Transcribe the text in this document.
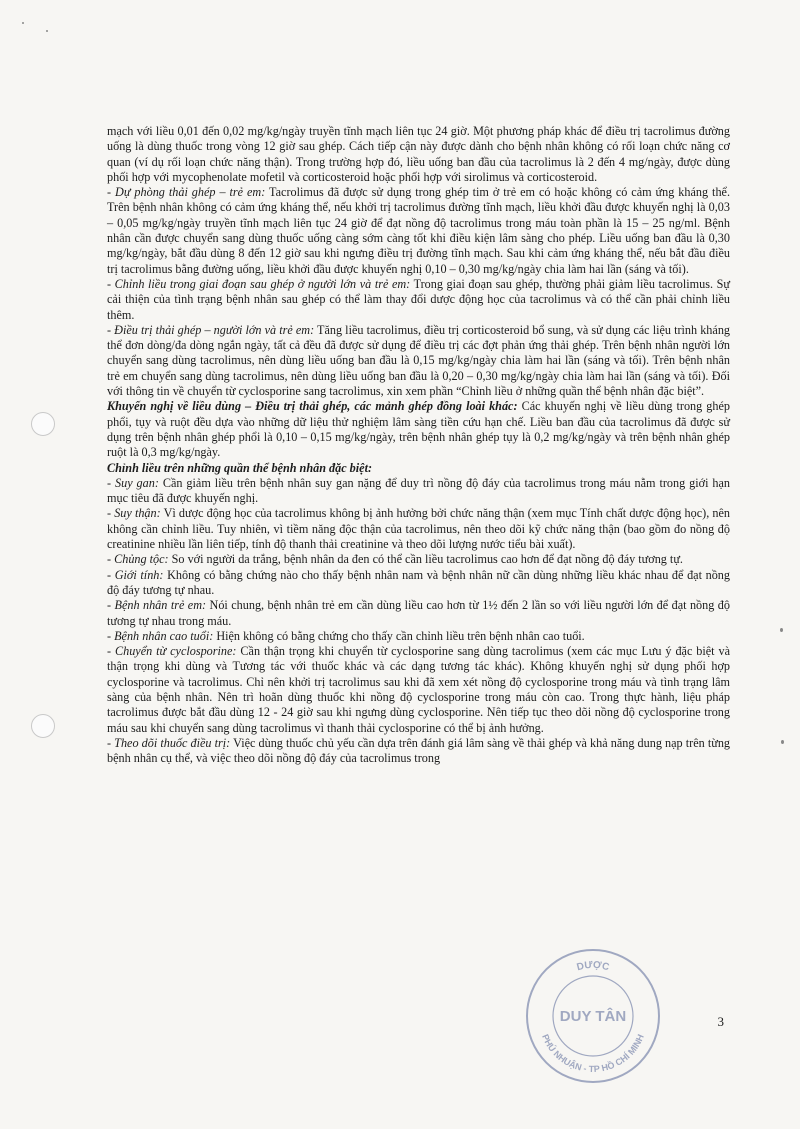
mạch với liều 0,01 đến 0,02 mg/kg/ngày truyền tĩnh mạch liên tục 24 giờ. Một phương pháp khác để điều trị tacrolimus đường uống là dùng thuốc trong vòng 12 giờ sau ghép. Cách tiếp cận này được dành cho bệnh nhân không có rối loạn chức năng cơ quan (ví dụ rối loạn chức năng thận). Trong trường hợp đó, liều uống ban đầu của tacrolimus là 2 đến 4 mg/ngày, được dùng phối hợp với mycophenolate mofetil và corticosteroid hoặc phối hợp với sirolimus và corticosteroid.

- Dự phòng thải ghép – trẻ em: Tacrolimus đã được sử dụng trong ghép tim ở trẻ em có hoặc không có cảm ứng kháng thể. Trên bệnh nhân không có cảm ứng kháng thể, nếu khởi trị tacrolimus đường tĩnh mạch, liều khởi đầu được khuyến nghị là 0,03 – 0,05 mg/kg/ngày truyền tĩnh mạch liên tục 24 giờ để đạt nồng độ tacrolimus trong máu toàn phần là 15 – 25 ng/ml. Bệnh nhân cần được chuyển sang dùng thuốc uống càng sớm càng tốt khi điều kiện lâm sàng cho phép. Liều uống ban đầu là 0,30 mg/kg/ngày, bắt đầu dùng 8 đến 12 giờ sau khi ngưng điều trị đường tĩnh mạch. Sau khi cảm ứng kháng thể, nếu bắt đầu điều trị tacrolimus bằng đường uống, liều khởi đầu được khuyến nghị 0,10 – 0,30 mg/kg/ngày chia làm hai lần (sáng và tối).

- Chỉnh liều trong giai đoạn sau ghép ở người lớn và trẻ em: Trong giai đoạn sau ghép, thường phải giảm liều tacrolimus. Sự cải thiện của tình trạng bệnh nhân sau ghép có thể làm thay đổi dược động học của tacrolimus và có thể cần phải chỉnh liều thêm.

- Điều trị thải ghép – người lớn và trẻ em: Tăng liều tacrolimus, điều trị corticosteroid bổ sung, và sử dụng các liệu trình kháng thể đơn dòng/đa dòng ngắn ngày, tất cả đều đã được sử dụng để điều trị các đợt phản ứng thải ghép. Trên bệnh nhân người lớn chuyển sang dùng tacrolimus, nên dùng liều uống ban đầu là 0,15 mg/kg/ngày chia làm hai lần (sáng và tối). Trên bệnh nhân trẻ em chuyển sang dùng tacrolimus, nên dùng liều uống ban đầu là 0,20 – 0,30 mg/kg/ngày chia làm hai lần (sáng và tối). Đối với thông tin về chuyển từ cyclosporine sang tacrolimus, xin xem phần “Chỉnh liều ở những quần thể bệnh nhân đặc biệt”.

Khuyến nghị về liều dùng – Điều trị thải ghép, các mảnh ghép đồng loài khác: Các khuyến nghị về liều dùng trong ghép phổi, tụy và ruột đều dựa vào những dữ liệu thử nghiệm lâm sàng tiền cứu hạn chế. Liều ban đầu của tacrolimus đã được sử dụng trên bệnh nhân ghép phổi là 0,10 – 0,15 mg/kg/ngày, trên bệnh nhân ghép tụy là 0,2 mg/kg/ngày và trên bệnh nhân ghép ruột là 0,3 mg/kg/ngày.

Chỉnh liều trên những quần thể bệnh nhân đặc biệt:

- Suy gan: Cần giảm liều trên bệnh nhân suy gan nặng để duy trì nồng độ đáy của tacrolimus trong máu nằm trong giới hạn mục tiêu đã được khuyến nghị.

- Suy thận: Vì dược động học của tacrolimus không bị ảnh hưởng bởi chức năng thận (xem mục Tính chất dược động học), nên không cần chỉnh liều. Tuy nhiên, vì tiềm năng độc thận của tacrolimus, nên theo dõi kỹ chức năng thận (bao gồm đo nồng độ creatinine nhiều lần liên tiếp, tính độ thanh thải creatinine và theo dõi lượng nước tiểu bài xuất).

- Chủng tộc: So với người da trắng, bệnh nhân da đen có thể cần liều tacrolimus cao hơn để đạt nồng độ đáy tương tự.

- Giới tính: Không có bằng chứng nào cho thấy bệnh nhân nam và bệnh nhân nữ cần dùng những liều khác nhau để đạt nồng độ đáy tương tự nhau.

- Bệnh nhân trẻ em: Nói chung, bệnh nhân trẻ em cần dùng liều cao hơn từ 1½ đến 2 lần so với liều người lớn để đạt nồng độ tương tự nhau trong máu.

- Bệnh nhân cao tuổi: Hiện không có bằng chứng cho thấy cần chỉnh liều trên bệnh nhân cao tuổi.

- Chuyển từ cyclosporine: Cần thận trọng khi chuyển từ cyclosporine sang dùng tacrolimus (xem các mục Lưu ý đặc biệt và thận trọng khi dùng và Tương tác với thuốc khác và các dạng tương tác khác). Không khuyến nghị sử dụng phối hợp cyclosporine và tacrolimus. Chỉ nên khởi trị tacrolimus sau khi đã xem xét nồng độ cyclosporine trong máu và tình trạng lâm sàng của bệnh nhân. Nên trì hoãn dùng thuốc khi nồng độ cyclosporine trong máu còn cao. Trong thực hành, liệu pháp tacrolimus được bắt đầu dùng 12 - 24 giờ sau khi ngưng dùng cyclosporine. Nên tiếp tục theo dõi nồng độ cyclosporine trong máu sau khi chuyển sang dùng tacrolimus vì thanh thải cyclosporine có thể bị ảnh hưởng.

- Theo dõi thuốc điều trị: Việc dùng thuốc chủ yếu cần dựa trên đánh giá lâm sàng về thải ghép và khả năng dung nạp trên từng bệnh nhân cụ thể, và việc theo dõi nồng độ đáy của tacrolimus trong

3
DƯỢC
DUY TÂN
PHÚ NHUẬN - TP HỒ CHÍ MINH
